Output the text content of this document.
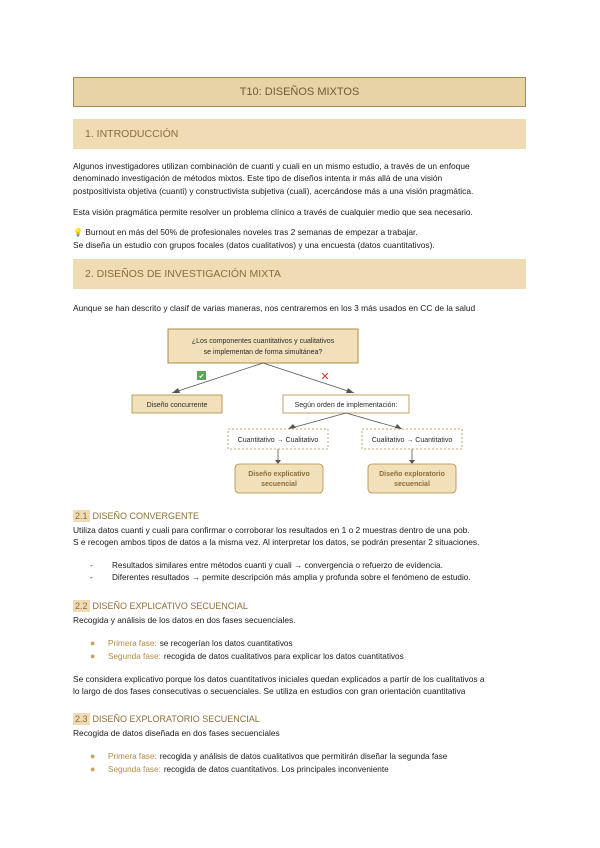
T10: DISEÑOS MIXTOS
1. INTRODUCCIÓN
Algunos investigadores utilizan combinación de cuanti y cuali en un mismo estudio, a través de un enfoque
denominado investigación de métodos mixtos. Este tipo de diseños intenta ir más allá de una visión
postpositivista objetiva (cuanti) y constructivista subjetiva (cuali), acercándose más a una visión pragmática.
Esta visión pragmática permite resolver un problema clínico a través de cualquier medio que sea necesario.
💡 Burnout en más del 50% de profesionales noveles tras 2 semanas de empezar a trabajar.
Se diseña un estudio con grupos focales (datos cualitativos) y una encuesta (datos cuantitativos).
2. DISEÑOS DE INVESTIGACIÓN MIXTA
Aunque se han descrito y clasif de varias maneras, nos centraremos en los 3 más usados en CC de la salud
¿Los componentes cuantitativos y cualitativos
se implementan de forma simultánea?
✔	✕
Diseño concurrente	Según orden de implementación:
Cuantitativo → Cualitativo	Cualitativo → Cuantitativo
Diseño explicativo
secuencial
Diseño exploratorio
secuencial
2.1 DISEÑO CONVERGENTE
Utiliza datos cuanti y cuali para confirmar o corroborar los resultados en 1 o 2 muestras dentro de una pob.
S e recogen ambos tipos de datos a la misma vez. Al interpretar los datos, se podrán presentar 2 situaciones.
-	Resultados similares entre métodos cuanti y cuali → convergencia o refuerzo de evidencia.
-	Diferentes resultados → permite descripción más amplia y profunda sobre el fenómeno de estudio.
2.2 DISEÑO EXPLICATIVO SECUENCIAL
Recogida y análisis de los datos en dos fases secuenciales.
●	Primera fase: se recogerían los datos cuantitativos
●	Segunda fase: recogida de datos cualitativos para explicar los datos cuantitativos
Se considera explicativo porque los datos cuantitativos iniciales quedan explicados a partir de los cualitativos a
lo largo de dos fases consecutivas o secuenciales. Se utiliza en estudios con gran orientación cuantitativa
2.3 DISEÑO EXPLORATORIO SECUENCIAL
Recogida de datos diseñada en dos fases secuenciales
●	Primera fase: recogida y análisis de datos cualitativos que permitirán diseñar la segunda fase
●	Segunda fase: recogida de datos cuantitativos. Los principales inconveniente
